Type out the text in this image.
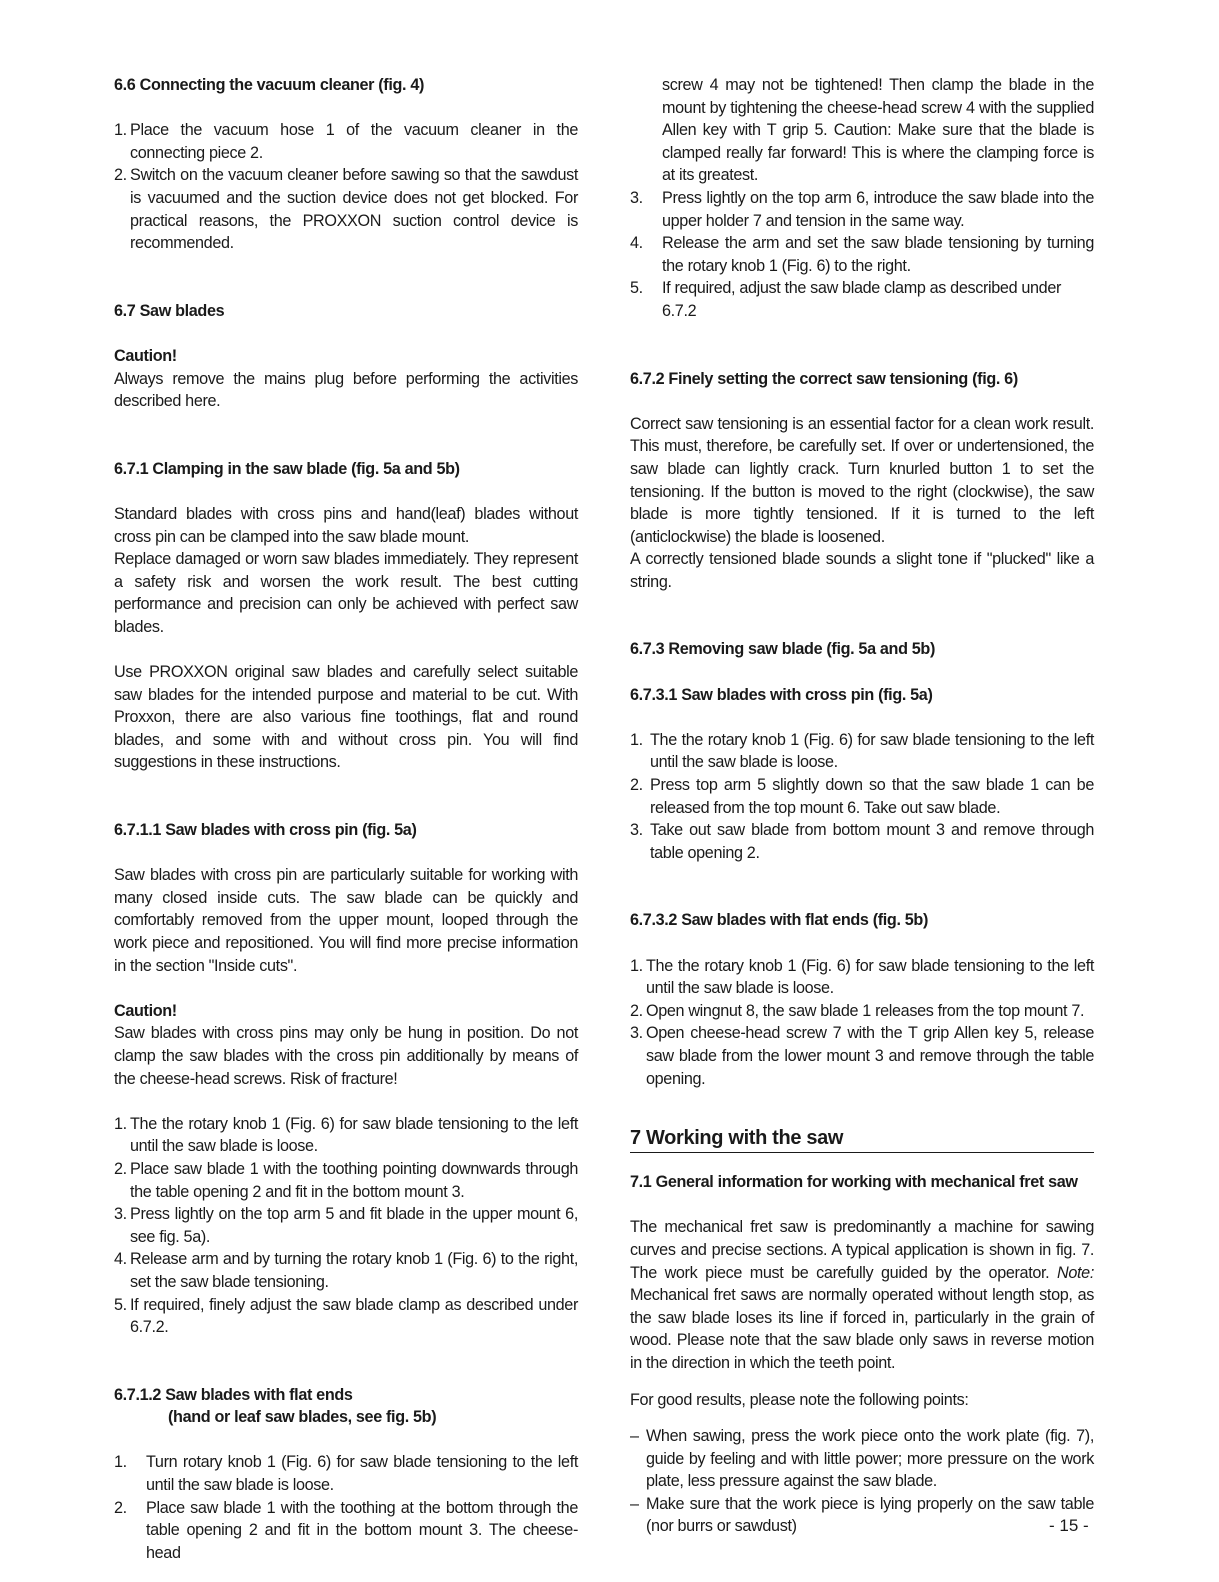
6.6 Connecting the vacuum cleaner (fig. 4)

1. Place the vacuum hose 1 of the vacuum cleaner in the connecting piece 2.
2. Switch on the vacuum cleaner before sawing so that the sawdust is vacuumed and the suction device does not get blocked. For practical reasons, the PROXXON suction control device is recommended.

6.7 Saw blades

Caution!

Always remove the mains plug before performing the activities described here.

6.7.1 Clamping in the saw blade (fig. 5a and 5b)

Standard blades with cross pins and hand(leaf) blades without cross pin can be clamped into the saw blade mount.

Replace damaged or worn saw blades immediately. They represent a safety risk and worsen the work result. The best cutting performance and precision can only be achieved with perfect saw blades.

Use PROXXON original saw blades and carefully select suitable saw blades for the intended purpose and material to be cut. With Proxxon, there are also various fine toothings, flat and round blades, and some with and without cross pin. You will find suggestions in these instructions.

6.7.1.1 Saw blades with cross pin (fig. 5a)

Saw blades with cross pin are particularly suitable for working with many closed inside cuts. The saw blade can be quickly and comfortably removed from the upper mount, looped through the work piece and repositioned. You will find more precise information in the section "Inside cuts".

Caution!

Saw blades with cross pins may only be hung in position. Do not clamp the saw blades with the cross pin additionally by means of the cheese-head screws. Risk of fracture!

1. The the rotary knob 1 (Fig. 6) for saw blade tensioning to the left until the saw blade is loose.
2. Place saw blade 1 with the toothing pointing downwards through the table opening 2 and fit in the bottom mount 3.
3. Press lightly on the top arm 5 and fit blade in the upper mount 6, see fig. 5a).
4. Release arm and by turning the rotary knob 1 (Fig. 6) to the right, set the saw blade tensioning.
5. If required, finely adjust the saw blade clamp as described under 6.7.2.

6.7.1.2 Saw blades with flat ends

(hand or leaf saw blades, see fig. 5b)

1.	Turn rotary knob 1 (Fig. 6) for saw blade tensioning to the left until the saw blade is loose.
2.	Place saw blade 1 with the toothing at the bottom through the table opening 2 and fit in the bottom mount 3. The cheese-head

screw 4 may not be tightened! Then clamp the blade in the mount by tightening the cheese-head screw 4 with the supplied Allen key with T grip 5. Caution: Make sure that the blade is clamped really far forward! This is where the clamping force is at its greatest.

3.	Press lightly on the top arm 6, introduce the saw blade into the upper holder 7 and tension in the same way.
4.	Release the arm and set the saw blade tensioning by turning the rotary knob 1 (Fig. 6) to the right.
5.	If required, adjust the saw blade clamp as described under 6.7.2

6.7.2 Finely setting the correct saw tensioning (fig. 6)

Correct saw tensioning is an essential factor for a clean work result. This must, therefore, be carefully set. If over or undertensioned, the saw blade can lightly crack. Turn knurled button 1 to set the tensioning. If the button is moved to the right (clockwise), the saw blade is more tightly tensioned. If it is turned to the left (anticlockwise) the blade is loosened.

A correctly tensioned blade sounds a slight tone if "plucked" like a string.

6.7.3 Removing saw blade (fig. 5a and 5b)

6.7.3.1 Saw blades with cross pin (fig. 5a)

1. The the rotary knob 1 (Fig. 6) for saw blade tensioning to the left until the saw blade is loose.
2. Press top arm 5 slightly down so that the saw blade 1 can be released from the top mount 6. Take out saw blade.
3. Take out saw blade from bottom mount 3 and remove through table opening 2.

6.7.3.2 Saw blades with flat ends (fig. 5b)

1. The the rotary knob 1 (Fig. 6) for saw blade tensioning to the left until the saw blade is loose.
2. Open wingnut 8, the saw blade 1 releases from the top mount 7.
3. Open cheese-head screw 7 with the T grip Allen key 5, release saw blade from the lower mount 3 and remove through the table opening.

7 Working with the saw

7.1 General information for working with mechanical fret saw

The mechanical fret saw is predominantly a machine for sawing curves and precise sections. A typical application is shown in fig. 7. The work piece must be carefully guided by the operator. Note: Mechanical fret saws are normally operated without length stop, as the saw blade loses its line if forced in, particularly in the grain of wood. Please note that the saw blade only saws in reverse motion in the direction in which the teeth point.

For good results, please note the following points:

– When sawing, press the work piece onto the work plate (fig. 7), guide by feeling and with little power; more pressure on the work plate, less pressure against the saw blade.
– Make sure that the work piece is lying properly on the saw table (nor burrs or sawdust)	- 15 -
